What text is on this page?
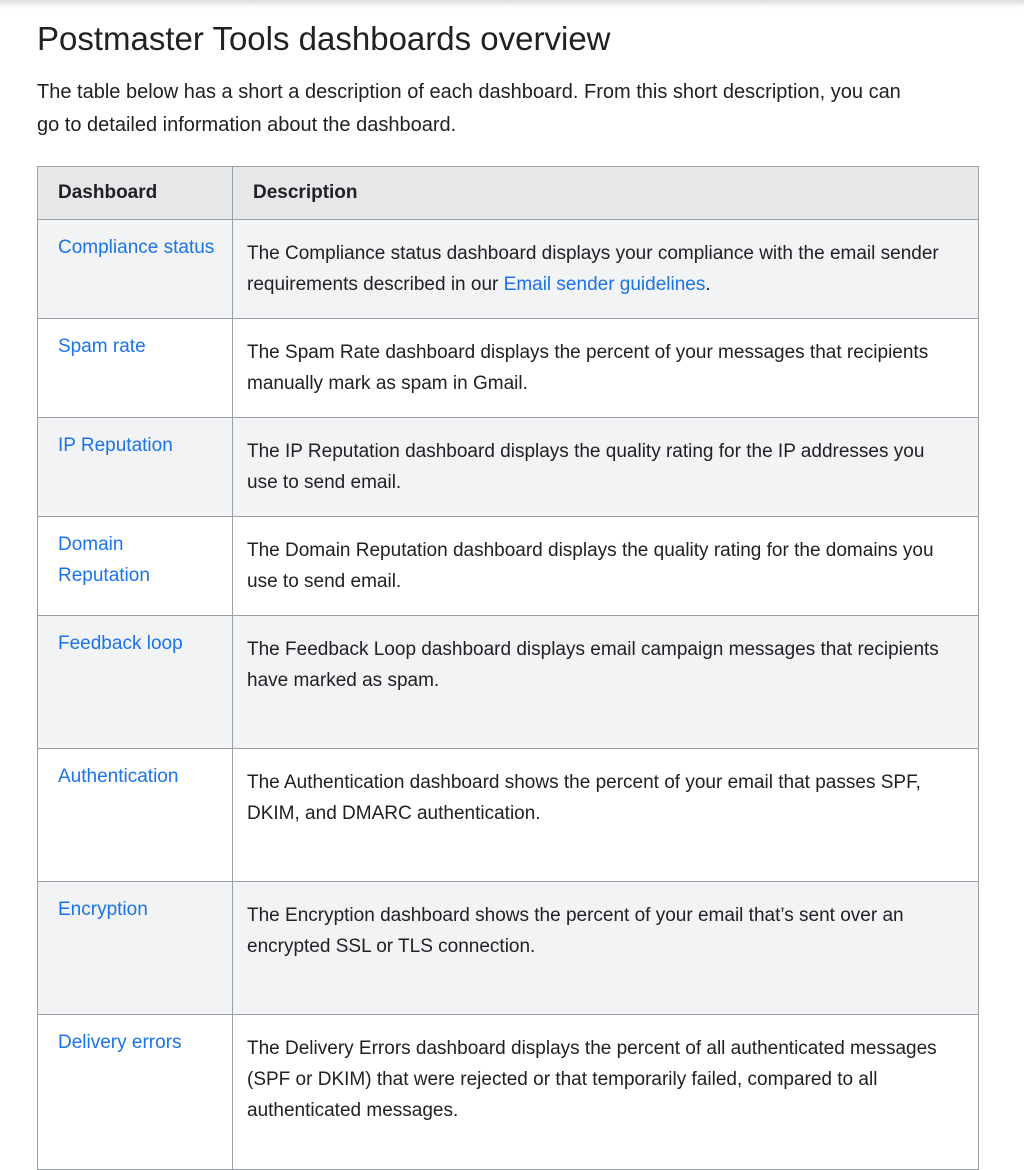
Postmaster Tools dashboards overview

The table below has a short a description of each dashboard. From this short description, you can go to detailed information about the dashboard.

Dashboard	Description
Compliance status	The Compliance status dashboard displays your compliance with the email sender requirements described in our Email sender guidelines.
Spam rate	The Spam Rate dashboard displays the percent of your messages that recipients manually mark as spam in Gmail.
IP Reputation	The IP Reputation dashboard displays the quality rating for the IP addresses you use to send email.
Domain Reputation	The Domain Reputation dashboard displays the quality rating for the domains you use to send email.
Feedback loop	The Feedback Loop dashboard displays email campaign messages that recipients have marked as spam.
Authentication	The Authentication dashboard shows the percent of your email that passes SPF, DKIM, and DMARC authentication.
Encryption	The Encryption dashboard shows the percent of your email that’s sent over an encrypted SSL or TLS connection.
Delivery errors	The Delivery Errors dashboard displays the percent of all authenticated messages (SPF or DKIM) that were rejected or that temporarily failed, compared to all authenticated messages.
